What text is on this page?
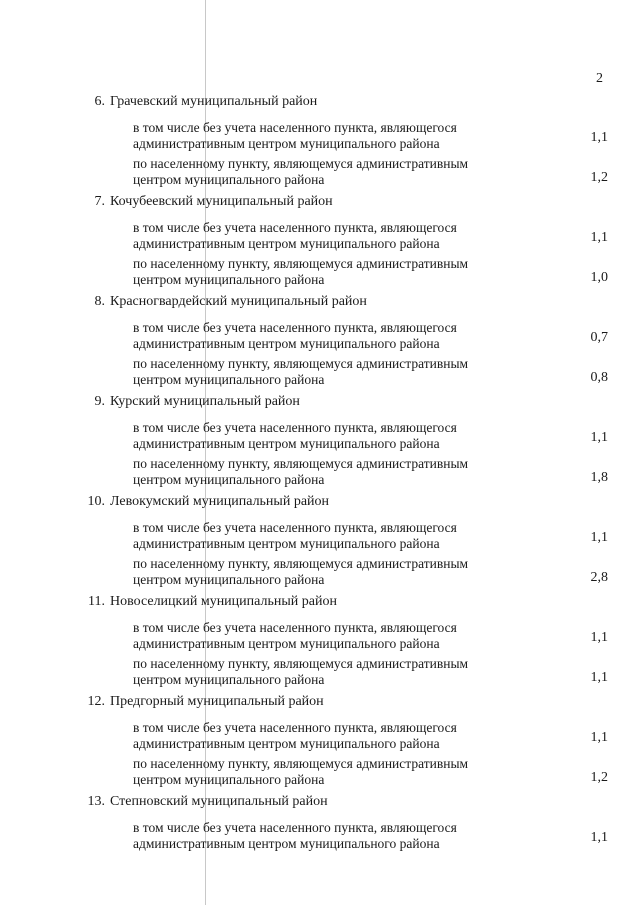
2
6. Грачевский муниципальный район
в том числе без учета населенного пункта, являющегося
административным центром муниципального района	1,1
по населенному пункту, являющемуся административным
центром муниципального района	1,2
7. Кочубеевский муниципальный район
в том числе без учета населенного пункта, являющегося
административным центром муниципального района	1,1
по населенному пункту, являющемуся административным
центром муниципального района	1,0
8. Красногвардейский муниципальный район
в том числе без учета населенного пункта, являющегося
административным центром муниципального района	0,7
по населенному пункту, являющемуся административным
центром муниципального района	0,8
9. Курский муниципальный район
в том числе без учета населенного пункта, являющегося
административным центром муниципального района	1,1
по населенному пункту, являющемуся административным
центром муниципального района	1,8
10. Левокумский муниципальный район
в том числе без учета населенного пункта, являющегося
административным центром муниципального района	1,1
по населенному пункту, являющемуся административным
центром муниципального района	2,8
11. Новоселицкий муниципальный район
в том числе без учета населенного пункта, являющегося
административным центром муниципального района	1,1
по населенному пункту, являющемуся административным
центром муниципального района	1,1
12. Предгорный муниципальный район
в том числе без учета населенного пункта, являющегося
административным центром муниципального района	1,1
по населенному пункту, являющемуся административным
центром муниципального района	1,2
13. Степновский муниципальный район
в том числе без учета населенного пункта, являющегося
административным центром муниципального района	1,1
